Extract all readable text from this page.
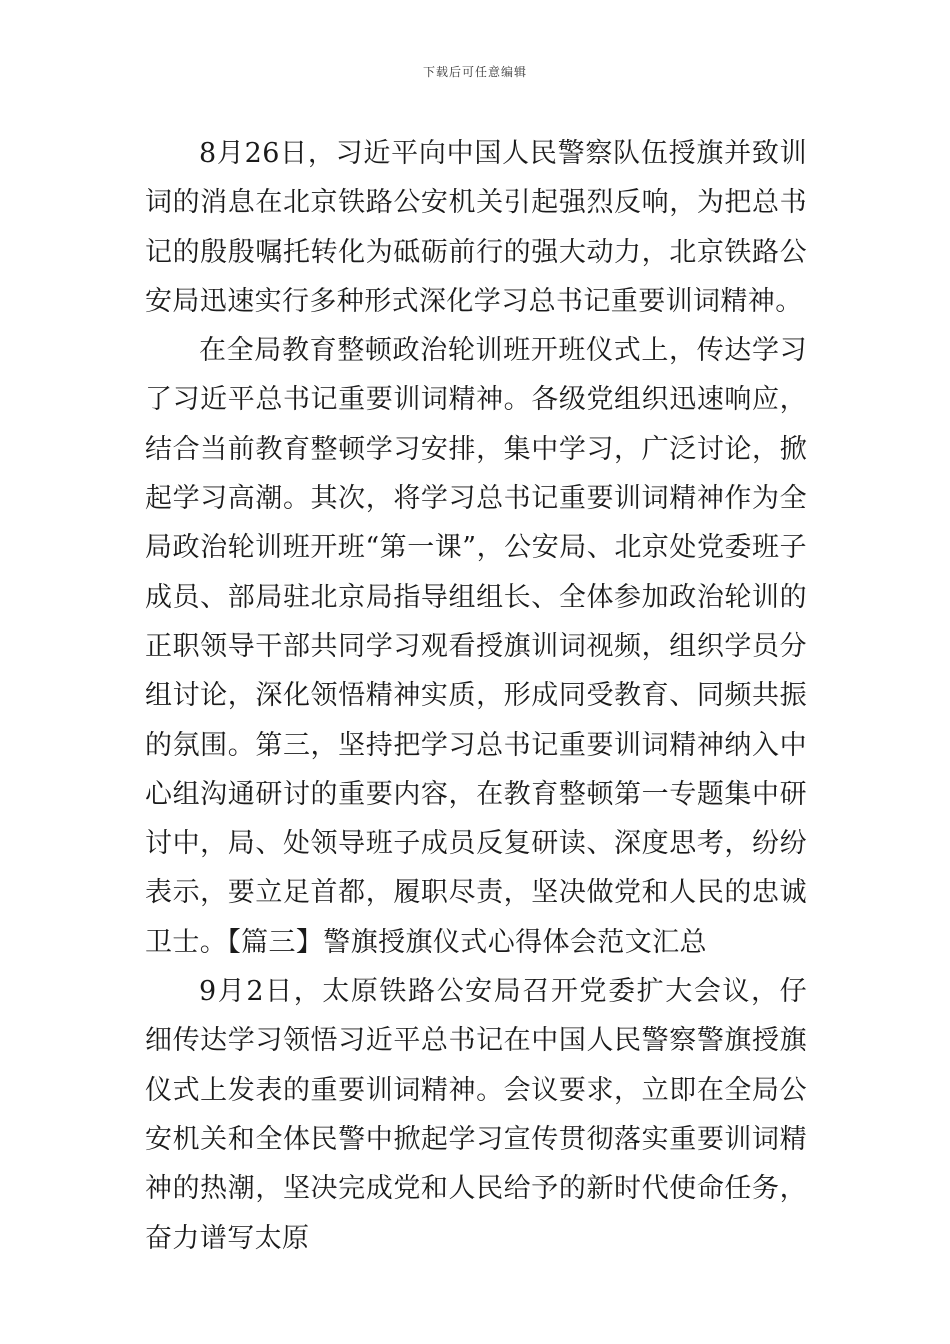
下载后可任意编辑

8月26日，习近平向中国人民警察队伍授旗并致训词的消息在北京铁路公安机关引起强烈反响，为把总书记的殷殷嘱托转化为砥砺前行的强大动力，北京铁路公安局迅速实行多种形式深化学习总书记重要训词精神。

在全局教育整顿政治轮训班开班仪式上，传达学习了习近平总书记重要训词精神。各级党组织迅速响应，结合当前教育整顿学习安排，集中学习，广泛讨论，掀起学习高潮。其次，将学习总书记重要训词精神作为全局政治轮训班开班“第一课”，公安局、北京处党委班子成员、部局驻北京局指导组组长、全体参加政治轮训的正职领导干部共同学习观看授旗训词视频，组织学员分组讨论，深化领悟精神实质，形成同受教育、同频共振的氛围。第三，坚持把学习总书记重要训词精神纳入中心组沟通研讨的重要内容，在教育整顿第一专题集中研讨中，局、处领导班子成员反复研读、深度思考，纷纷表示，要立足首都，履职尽责，坚决做党和人民的忠诚卫士。【篇三】警旗授旗仪式心得体会范文汇总

9月2日，太原铁路公安局召开党委扩大会议，仔细传达学习领悟习近平总书记在中国人民警察警旗授旗仪式上发表的重要训词精神。会议要求，立即在全局公安机关和全体民警中掀起学习宣传贯彻落实重要训词精神的热潮，坚决完成党和人民给予的新时代使命任务，奋力谱写太原
